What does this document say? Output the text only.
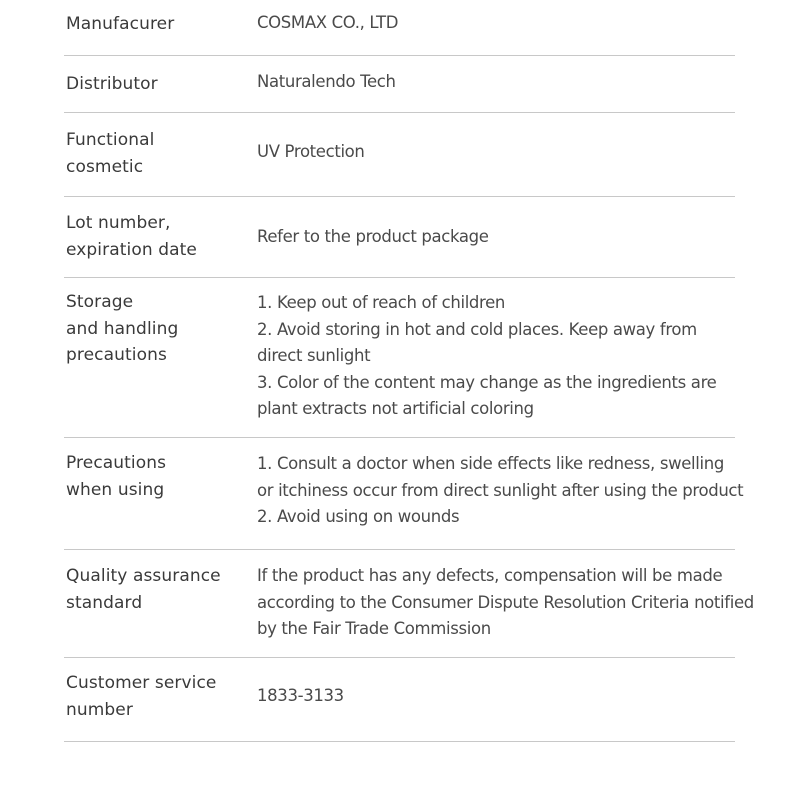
Manufacurer	COSMAX CO., LTD
Distributor	Naturalendo Tech
Functional
cosmetic
UV Protection
Lot number,
expiration date
Refer to the product package
Storage
and handling
precautions
1. Keep out of reach of children
2. Avoid storing in hot and cold places. Keep away from
direct sunlight
3. Color of the content may change as the ingredients are
plant extracts not artificial coloring
Precautions
when using
1. Consult a doctor when side effects like redness, swelling
or itchiness occur from direct sunlight after using the product
2. Avoid using on wounds
Quality assurance
standard
If the product has any defects, compensation will be made
according to the Consumer Dispute Resolution Criteria notified
by the Fair Trade Commission
Customer service
number
1833-3133
